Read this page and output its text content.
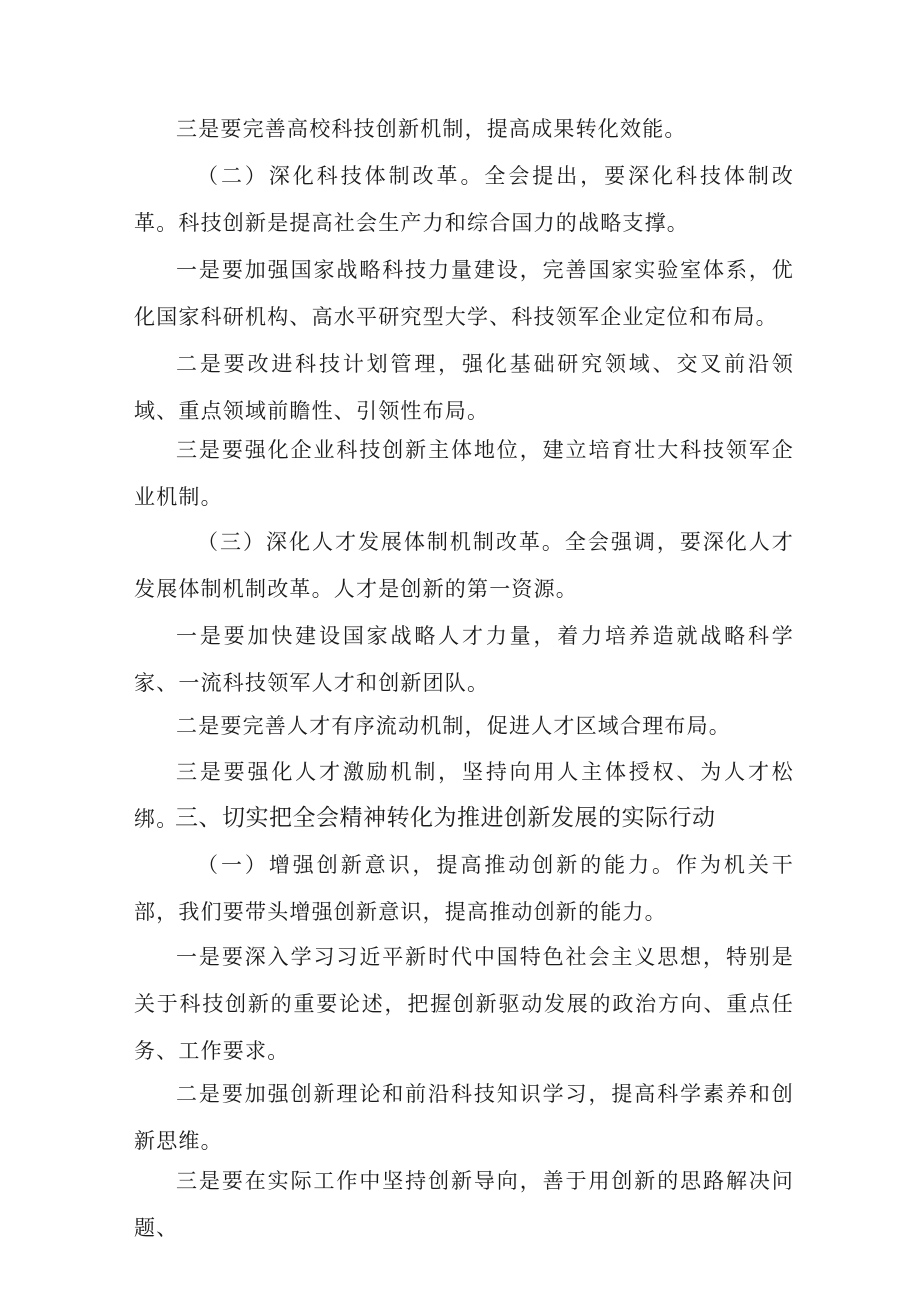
三是要完善高校科技创新机制，提高成果转化效能。

（二）深化科技体制改革。全会提出，要深化科技体制改革。科技创新是提高社会生产力和综合国力的战略支撑。

一是要加强国家战略科技力量建设，完善国家实验室体系，优化国家科研机构、高水平研究型大学、科技领军企业定位和布局。

二是要改进科技计划管理，强化基础研究领域、交叉前沿领域、重点领域前瞻性、引领性布局。

三是要强化企业科技创新主体地位，建立培育壮大科技领军企业机制。

（三）深化人才发展体制机制改革。全会强调，要深化人才发展体制机制改革。人才是创新的第一资源。

一是要加快建设国家战略人才力量，着力培养造就战略科学家、一流科技领军人才和创新团队。

二是要完善人才有序流动机制，促进人才区域合理布局。

三是要强化人才激励机制，坚持向用人主体授权、为人才松绑。

三、切实把全会精神转化为推进创新发展的实际行动

（一）增强创新意识，提高推动创新的能力。作为机关干部，我们要带头增强创新意识，提高推动创新的能力。

一是要深入学习习近平新时代中国特色社会主义思想，特别是关于科技创新的重要论述，把握创新驱动发展的政治方向、重点任务、工作要求。

二是要加强创新理论和前沿科技知识学习，提高科学素养和创新思维。

三是要在实际工作中坚持创新导向，善于用创新的思路解决问题、
